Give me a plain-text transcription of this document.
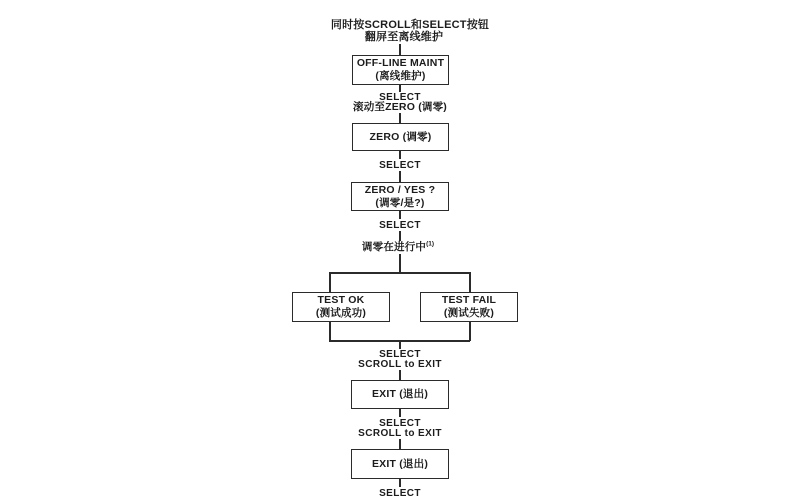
同时按SCROLL和SELECT按钮
翻屏至离线维护
OFF-LINE MAINT
(离线维护)
SELECT
滚动至ZERO (调零)
ZERO (调零)
SELECT
ZERO / YES ?
(调零/是?)
SELECT
调零在进行中$^{(1)}$
TEST OK
(测试成功)
TEST FAIL
(测试失败)
SELECT
SCROLL to EXIT
EXIT (退出)
SELECT
SCROLL to EXIT
EXIT (退出)
SELECT
